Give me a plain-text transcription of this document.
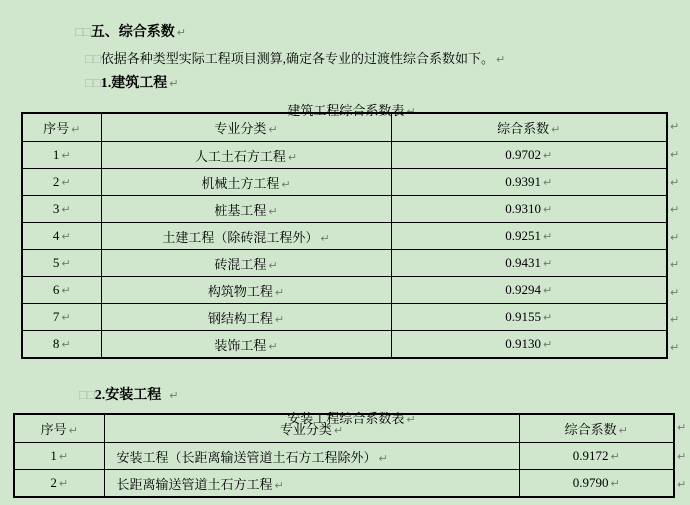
□□五、综合系数 ↵

□□依据各种类型实际工程项目测算,确定各专业的过渡性综合系数如下。 ↵

□□1.建筑工程 ↵

建筑工程综合系数表 ↵

序号 ↵	专业分类 ↵	综合系数 ↵
1 ↵	人工土石方工程 ↵	0.9702 ↵
2 ↵	机械土方工程 ↵	0.9391 ↵
3 ↵	桩基工程 ↵	0.9310 ↵
4 ↵	土建工程（除砖混工程外） ↵	0.9251 ↵
5 ↵	砖混工程 ↵	0.9431 ↵
6 ↵	构筑物工程 ↵	0.9294 ↵
7 ↵	钢结构工程 ↵	0.9155 ↵
8 ↵	装饰工程 ↵	0.9130 ↵
↵
↵
↵
↵
↵
↵
↵
↵
↵

□□2.安装工程 ↵

安装工程综合系数表 ↵

序号 ↵	专业分类 ↵	综合系数 ↵
1 ↵	安装工程（长距离输送管道土石方工程除外） ↵	0.9172 ↵
2 ↵	长距离输送管道土石方工程 ↵	0.9790 ↵
↵
↵
↵
